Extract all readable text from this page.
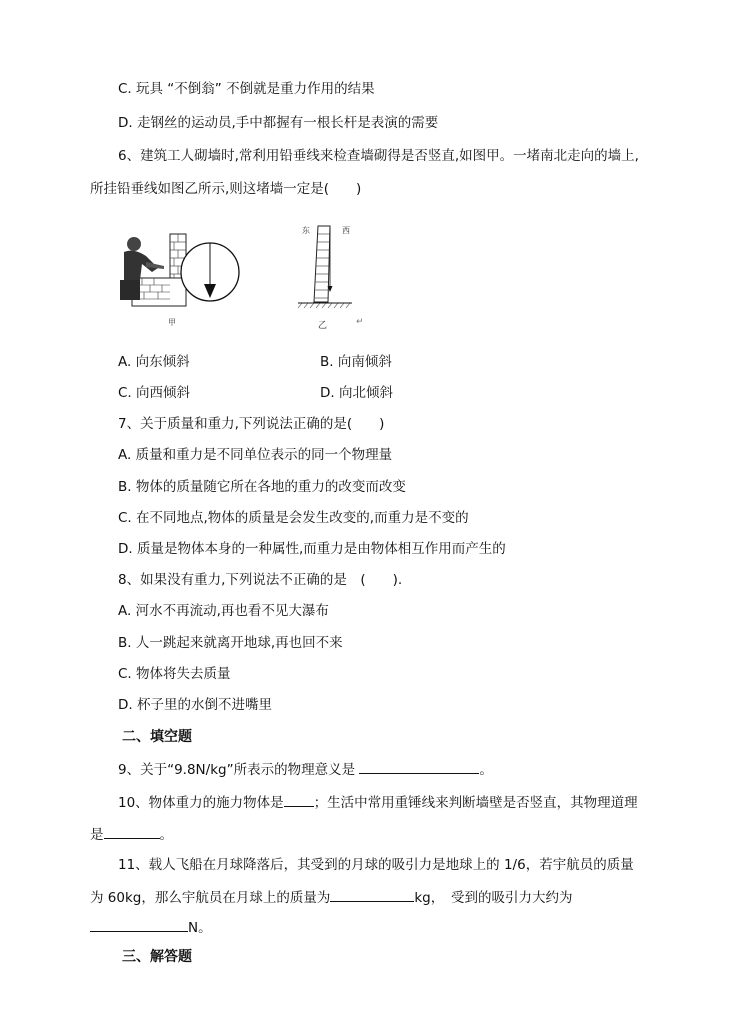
C. 玩具 “不倒翁” 不倒就是重力作用的结果
D. 走钢丝的运动员,手中都握有一根长杆是表演的需要
6、建筑工人砌墙时,常利用铅垂线来检查墙砌得是否竖直,如图甲。一堵南北走向的墙上,
所挂铅垂线如图乙所示,则这堵墙一定是(　　)
甲
东	西
乙	↵
A. 向东倾斜	B. 向南倾斜
C. 向西倾斜	D. 向北倾斜
7、关于质量和重力,下列说法正确的是(　　)
A. 质量和重力是不同单位表示的同一个物理量
B. 物体的质量随它所在各地的重力的改变而改变
C. 在不同地点,物体的质量是会发生改变的,而重力是不变的
D. 质量是物体本身的一种属性,而重力是由物体相互作用而产生的
8、如果没有重力,下列说法不正确的是　(　　).
A. 河水不再流动,再也看不见大瀑布
B. 人一跳起来就离开地球,再也回不来
C. 物体将失去质量
D. 杯子里的水倒不进嘴里
二、填空题
9、关于“9.8N/kg”所表示的物理意义是	。
10、物体重力的施力物体是 ；生活中常用重锤线来判断墙壁是否竖直，其物理道理
是	。
11、载人飞船在月球降落后，其受到的月球的吸引力是地球上的 1/6，若宇航员的质量
为 60kg，那么宇航员在月球上的质量为	kg，　受到的吸引力大约为
N。
三、解答题
